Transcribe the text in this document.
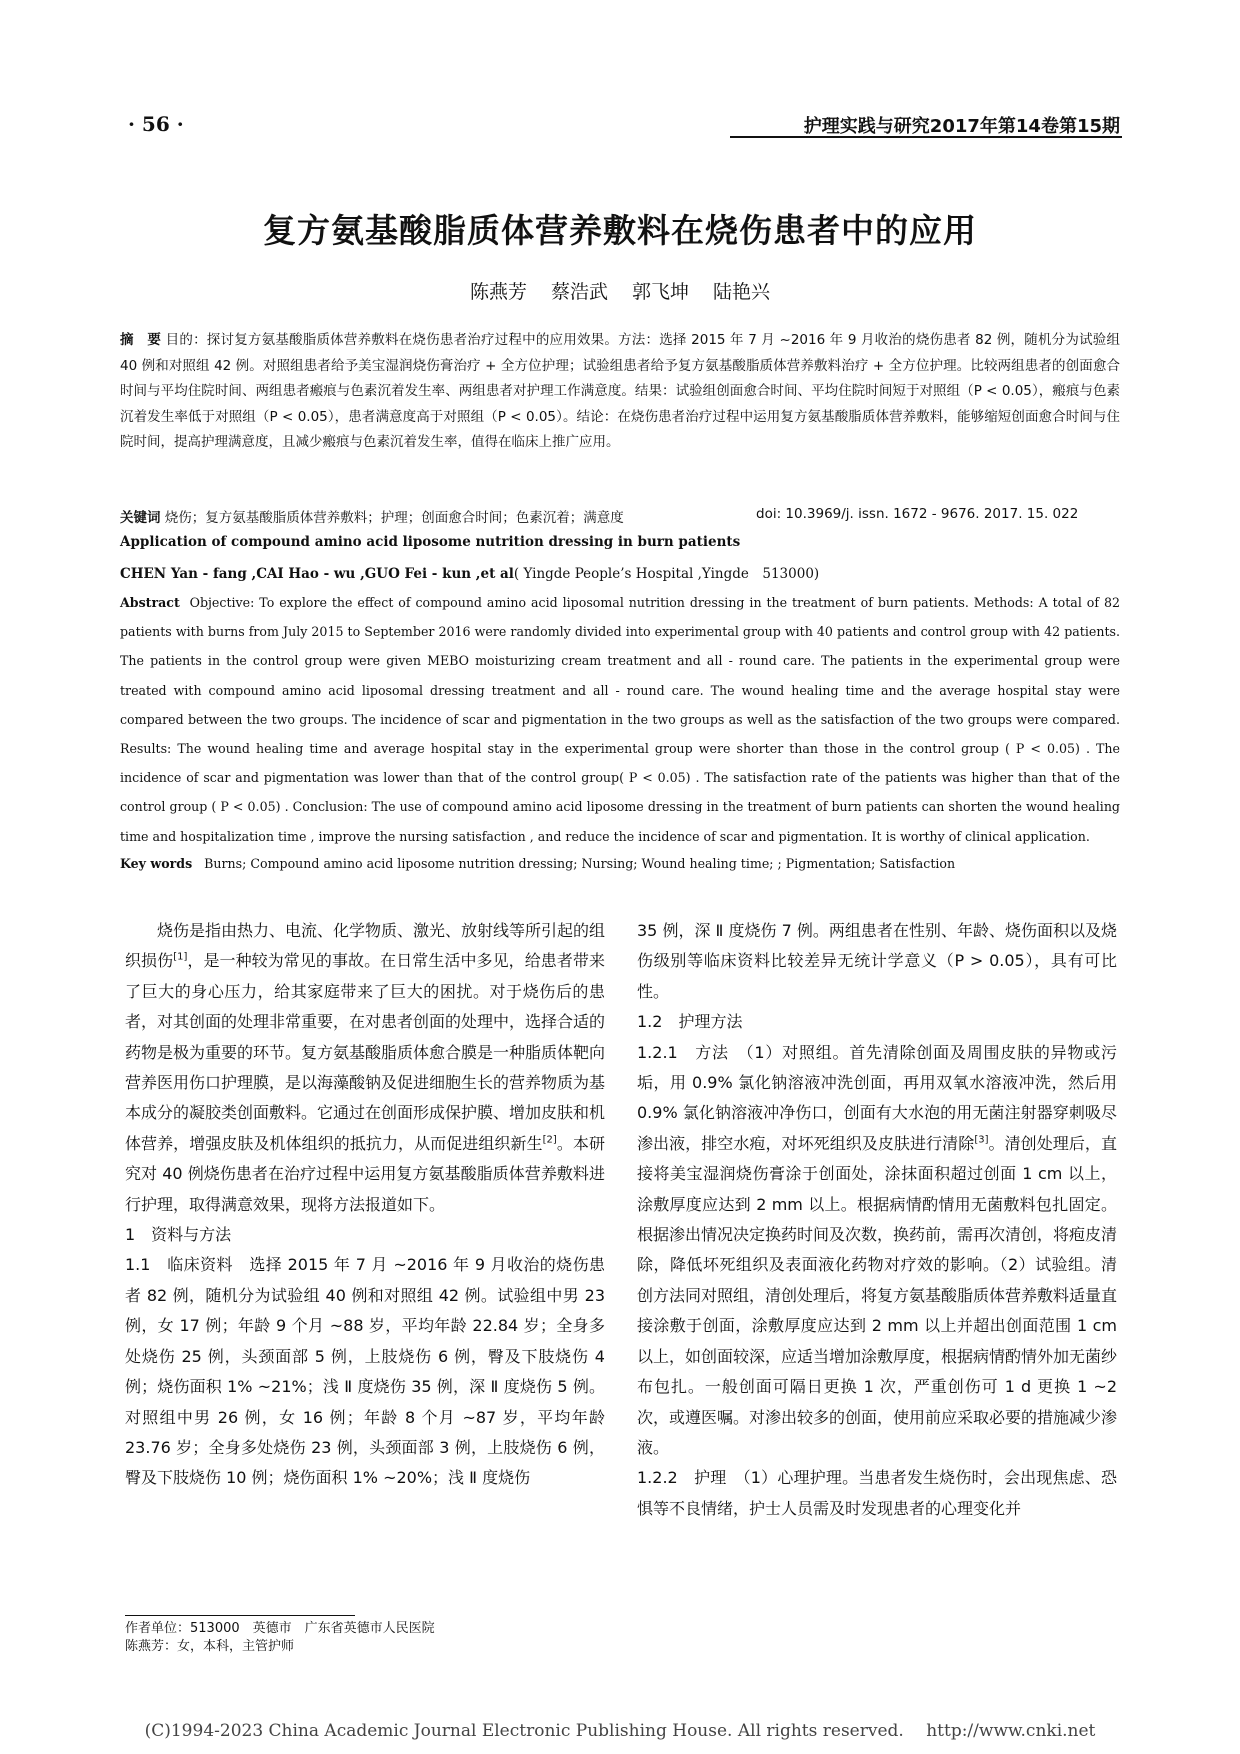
· 56 ·	护理实践与研究2017年第14卷第15期
复方氨基酸脂质体营养敷料在烧伤患者中的应用
陈燕芳 蔡浩武 郭飞坤 陆艳兴
摘　要 目的：探讨复方氨基酸脂质体营养敷料在烧伤患者治疗过程中的应用效果。方法：选择 2015 年 7 月 ~2016 年 9 月收治的烧伤患者 82 例，随机分为试验组 40 例和对照组 42 例。对照组患者给予美宝湿润烧伤膏治疗 + 全方位护理；试验组患者给予复方氨基酸脂质体营养敷料治疗 + 全方位护理。比较两组患者的创面愈合时间与平均住院时间、两组患者瘢痕与色素沉着发生率、两组患者对护理工作满意度。结果：试验组创面愈合时间、平均住院时间短于对照组（P < 0.05），瘢痕与色素沉着发生率低于对照组（P < 0.05），患者满意度高于对照组（P < 0.05）。结论：在烧伤患者治疗过程中运用复方氨基酸脂质体营养敷料，能够缩短创面愈合时间与住院时间，提高护理满意度，且减少瘢痕与色素沉着发生率，值得在临床上推广应用。
关键词 烧伤；复方氨基酸脂质体营养敷料；护理；创面愈合时间；色素沉着；满意度	doi: 10.3969/j. issn. 1672 - 9676. 2017. 15. 022
Application of compound amino acid liposome nutrition dressing in burn patients
CHEN Yan - fang ,CAI Hao - wu ,GUO Fei - kun ,et al( Yingde People’s Hospital ,Yingde　513000)
Abstract Objective: To explore the effect of compound amino acid liposomal nutrition dressing in the treatment of burn patients. Methods: A total of 82 patients with burns from July 2015 to September 2016 were randomly divided into experimental group with 40 patients and control group with 42 patients. The patients in the control group were given MEBO moisturizing cream treatment and all - round care. The patients in the experimental group were treated with compound amino acid liposomal dressing treatment and all - round care. The wound healing time and the average hospital stay were compared between the two groups. The incidence of scar and pigmentation in the two groups as well as the satisfaction of the two groups were compared. Results: The wound healing time and average hospital stay in the experimental group were shorter than those in the control group ( P < 0.05) . The incidence of scar and pigmentation was lower than that of the control group( P < 0.05) . The satisfaction rate of the patients was higher than that of the control group ( P < 0.05) . Conclusion: The use of compound amino acid liposome dressing in the treatment of burn patients can shorten the wound healing time and hospitalization time , improve the nursing satisfaction , and reduce the incidence of scar and pigmentation. It is worthy of clinical application.
Key words Burns; Compound amino acid liposome nutrition dressing; Nursing; Wound healing time; ; Pigmentation; Satisfaction

烧伤是指由热力、电流、化学物质、激光、放射线等所引起的组织损伤[1]，是一种较为常见的事故。在日常生活中多见，给患者带来了巨大的身心压力，给其家庭带来了巨大的困扰。对于烧伤后的患者，对其创面的处理非常重要，在对患者创面的处理中，选择合适的药物是极为重要的环节。复方氨基酸脂质体愈合膜是一种脂质体靶向营养医用伤口护理膜，是以海藻酸钠及促进细胞生长的营养物质为基本成分的凝胶类创面敷料。它通过在创面形成保护膜、增加皮肤和机体营养，增强皮肤及机体组织的抵抗力，从而促进组织新生[2]。本研究对 40 例烧伤患者在治疗过程中运用复方氨基酸脂质体营养敷料进行护理，取得满意效果，现将方法报道如下。

1　资料与方法

1.1　临床资料　选择 2015 年 7 月 ~2016 年 9 月收治的烧伤患者 82 例，随机分为试验组 40 例和对照组 42 例。试验组中男 23 例，女 17 例；年龄 9 个月 ~88 岁，平均年龄 22.84 岁；全身多处烧伤 25 例，头颈面部 5 例，上肢烧伤 6 例，臀及下肢烧伤 4 例；烧伤面积 1% ~21%；浅 Ⅱ 度烧伤 35 例，深 Ⅱ 度烧伤 5 例。对照组中男 26 例，女 16 例；年龄 8 个月 ~87 岁，平均年龄 23.76 岁；全身多处烧伤 23 例，头颈面部 3 例，上肢烧伤 6 例，臀及下肢烧伤 10 例；烧伤面积 1% ~20%；浅 Ⅱ 度烧伤

35 例，深 Ⅱ 度烧伤 7 例。两组患者在性别、年龄、烧伤面积以及烧伤级别等临床资料比较差异无统计学意义（P > 0.05），具有可比性。

1.2　护理方法

1.2.1　方法　（1）对照组。首先清除创面及周围皮肤的异物或污垢，用 0.9% 氯化钠溶液冲洗创面，再用双氧水溶液冲洗，然后用 0.9% 氯化钠溶液冲净伤口，创面有大水泡的用无菌注射器穿刺吸尽渗出液，排空水疱，对坏死组织及皮肤进行清除[3]。清创处理后，直接将美宝湿润烧伤膏涂于创面处，涂抹面积超过创面 1 cm 以上，涂敷厚度应达到 2 mm 以上。根据病情酌情用无菌敷料包扎固定。根据渗出情况决定换药时间及次数，换药前，需再次清创，将疱皮清除，降低坏死组织及表面液化药物对疗效的影响。（2）试验组。清创方法同对照组，清创处理后，将复方氨基酸脂质体营养敷料适量直接涂敷于创面，涂敷厚度应达到 2 mm 以上并超出创面范围 1 cm 以上，如创面较深，应适当增加涂敷厚度，根据病情酌情外加无菌纱布包扎。一般创面可隔日更换 1 次，严重创伤可 1 d 更换 1 ~2 次，或遵医嘱。对渗出较多的创面，使用前应采取必要的措施减少渗液。

1.2.2　护理　（1）心理护理。当患者发生烧伤时，会出现焦虑、恐惧等不良情绪，护士人员需及时发现患者的心理变化并

作者单位：513000　英德市　广东省英德市人民医院
陈燕芳：女，本科，主管护师
(C)1994-2023 China Academic Journal Electronic Publishing House. All rights reserved.　 http://www.cnki.net
